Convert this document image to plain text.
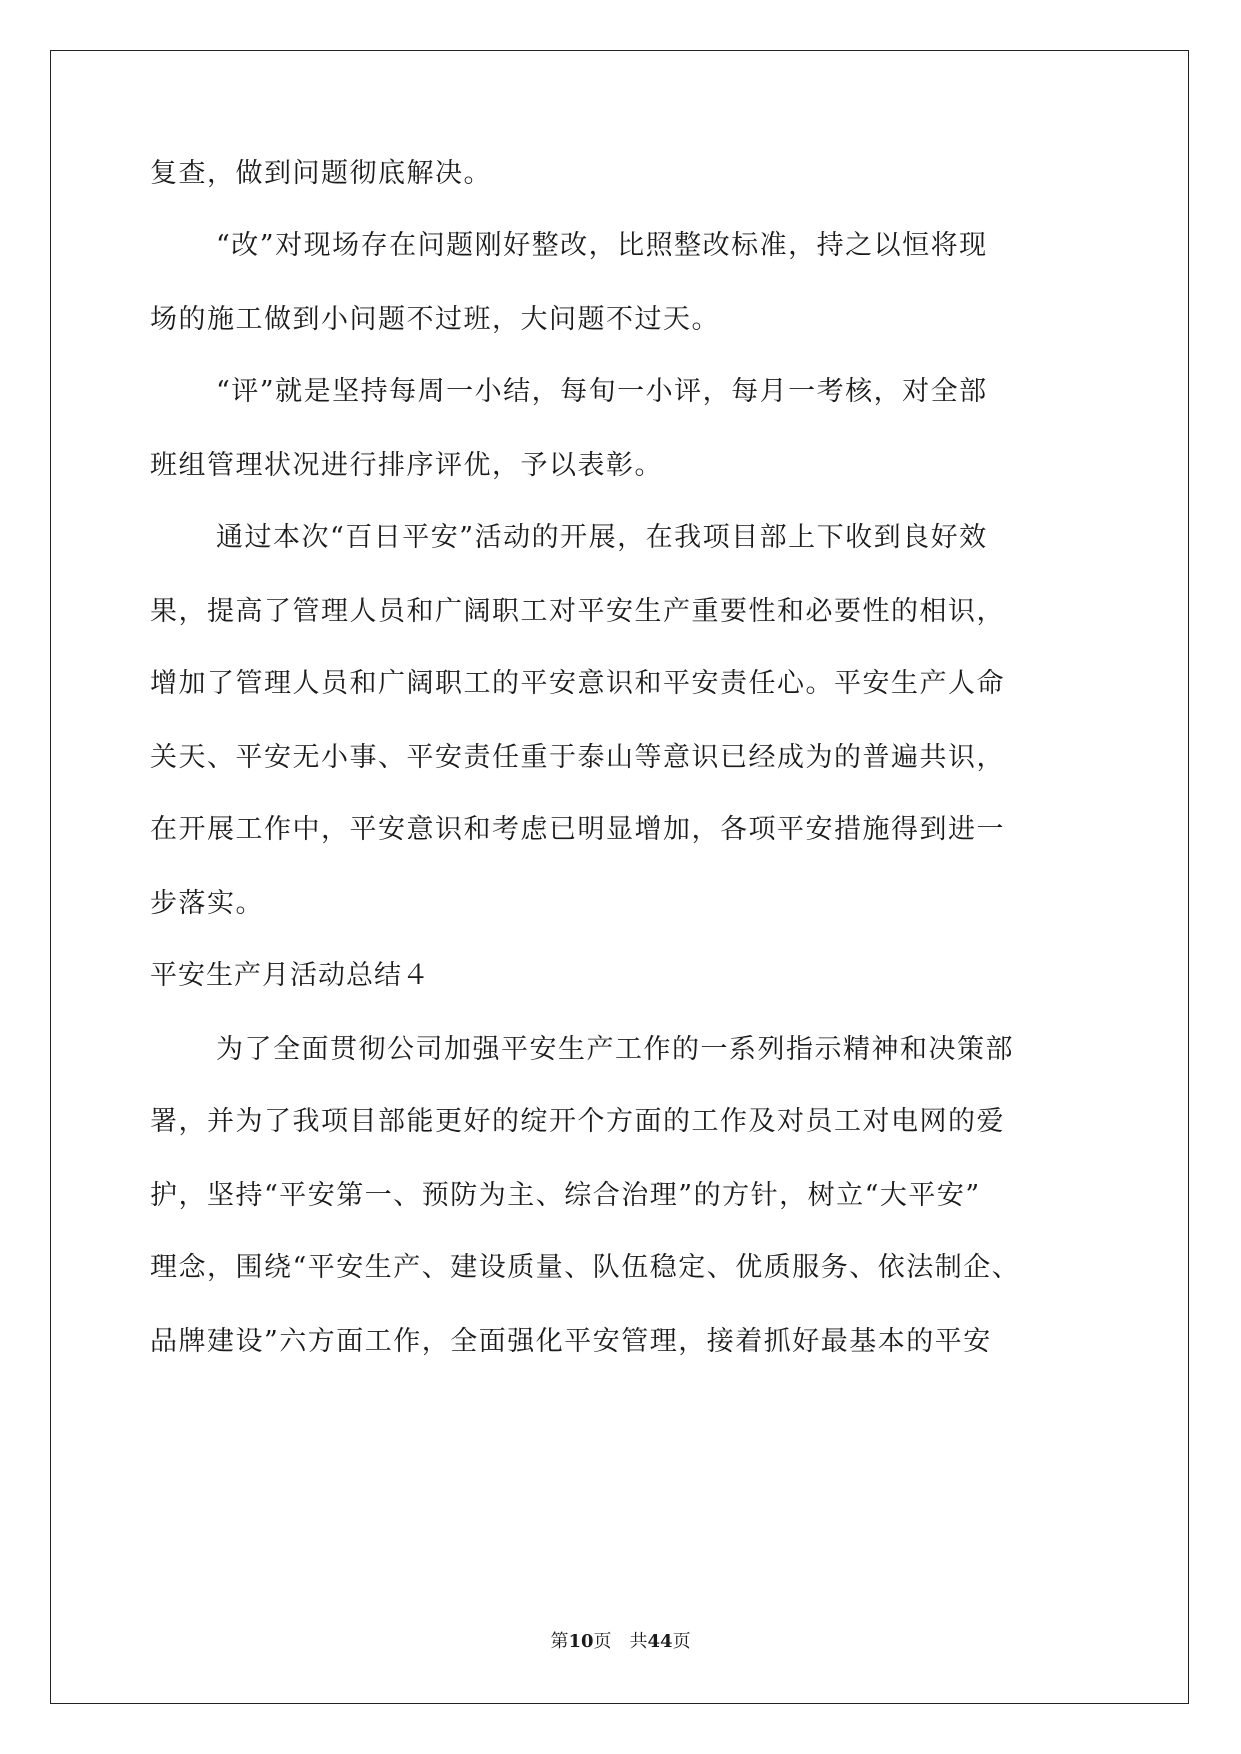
复查，做到问题彻底解决。
“改”对现场存在问题刚好整改，比照整改标准，持之以恒将现
场的施工做到小问题不过班，大问题不过天。
“评”就是坚持每周一小结，每旬一小评，每月一考核，对全部
班组管理状况进行排序评优，予以表彰。
通过本次“百日平安”活动的开展，在我项目部上下收到良好效
果，提高了管理人员和广阔职工对平安生产重要性和必要性的相识，
增加了管理人员和广阔职工的平安意识和平安责任心。平安生产人命
关天、平安无小事、平安责任重于泰山等意识已经成为的普遍共识，
在开展工作中，平安意识和考虑已明显增加，各项平安措施得到进一
步落实。
平安生产月活动总结４
为了全面贯彻公司加强平安生产工作的一系列指示精神和决策部
署，并为了我项目部能更好的绽开个方面的工作及对员工对电网的爱
护，坚持“平安第一、预防为主、综合治理”的方针，树立“大平安”
理念，围绕“平安生产、建设质量、队伍稳定、优质服务、依法制企、
品牌建设”六方面工作，全面强化平安管理，接着抓好最基本的平安
第10页　共44页
